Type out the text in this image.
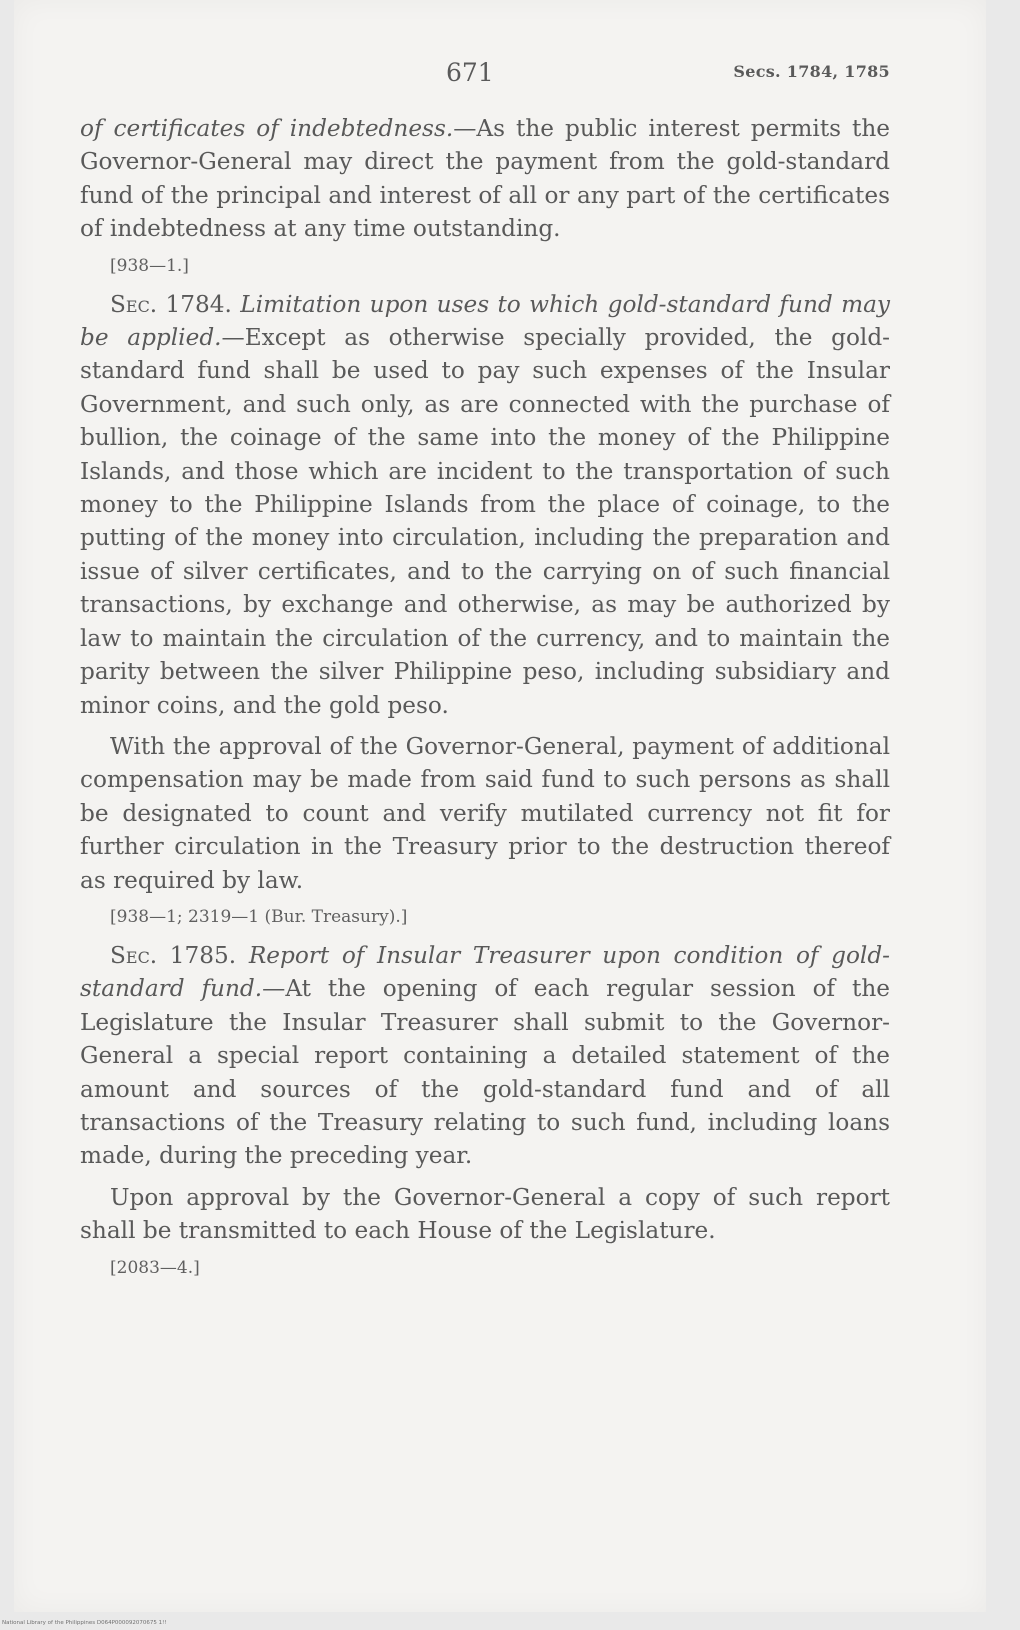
671	Secs. 1784, 1785

of certificates of indebtedness.—As the public interest permits the Governor-General may direct the payment from the gold-standard fund of the principal and interest of all or any part of the certificates of indebtedness at any time outstanding.

[938—1.]

Sec. 1784. Limitation upon uses to which gold-standard fund may be applied.—Except as otherwise specially provided, the gold-standard fund shall be used to pay such expenses of the Insular Government, and such only, as are connected with the purchase of bullion, the coinage of the same into the money of the Philippine Islands, and those which are incident to the transportation of such money to the Philippine Islands from the place of coinage, to the putting of the money into circulation, including the preparation and issue of silver certificates, and to the carrying on of such financial transactions, by exchange and otherwise, as may be authorized by law to maintain the circulation of the currency, and to maintain the parity between the silver Philippine peso, including subsidiary and minor coins, and the gold peso.

With the approval of the Governor-General, payment of additional compensation may be made from said fund to such persons as shall be designated to count and verify mutilated currency not fit for further circulation in the Treasury prior to the destruction thereof as required by law.

[938—1; 2319—1 (Bur. Treasury).]

Sec. 1785. Report of Insular Treasurer upon condition of gold-standard fund.—At the opening of each regular session of the Legislature the Insular Treasurer shall submit to the Governor-General a special report containing a detailed statement of the amount and sources of the gold-standard fund and of all transactions of the Treasury relating to such fund, including loans made, during the preceding year.

Upon approval by the Governor-General a copy of such report shall be transmitted to each House of the Legislature.

[2083—4.]

National Library of the Philippines D064P000092070675 1!!
